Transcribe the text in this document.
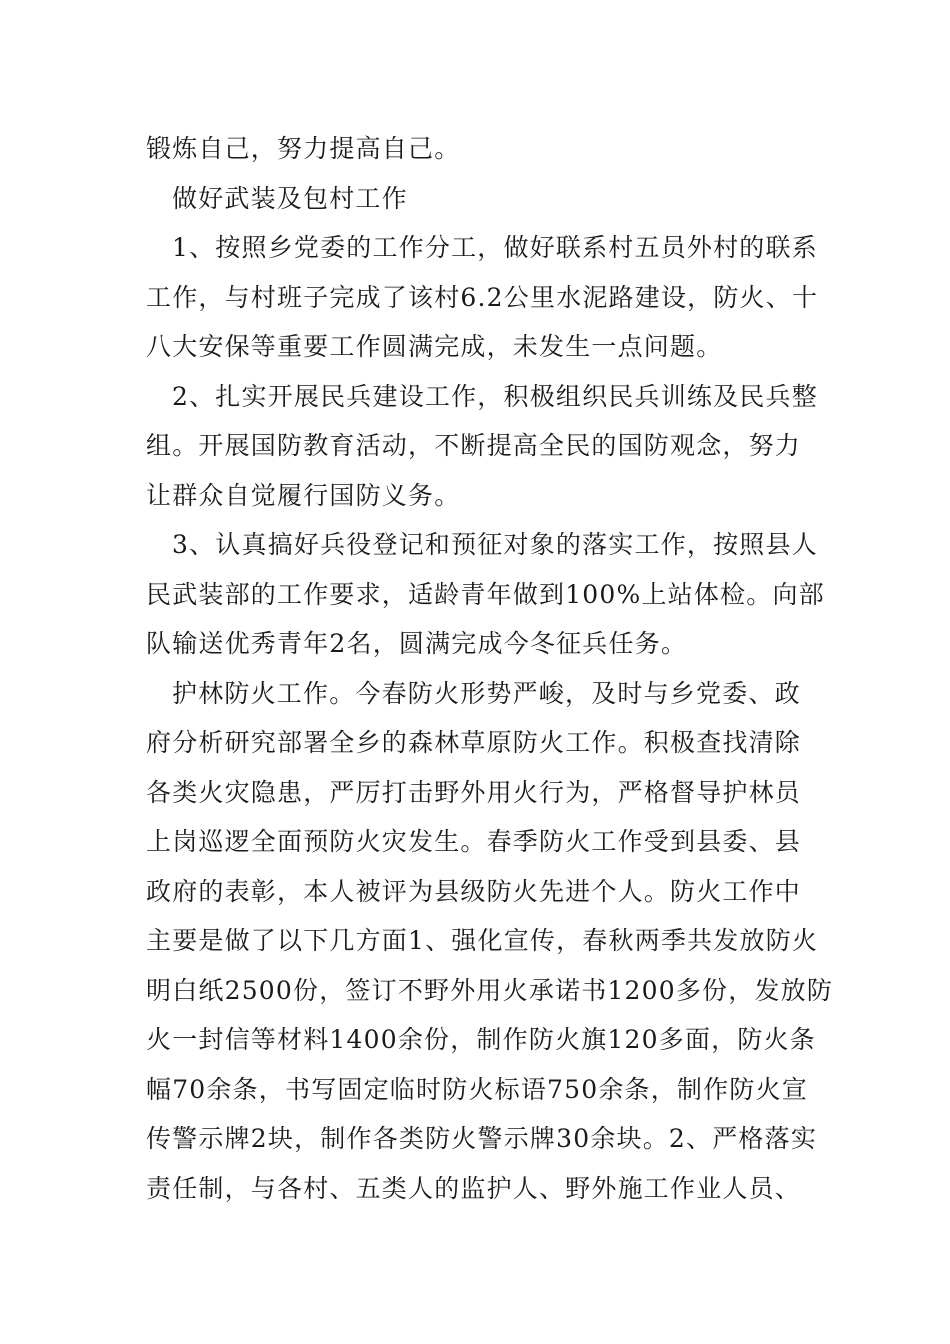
锻炼自己，努力提高自己。
做好武装及包村工作
1、按照乡党委的工作分工，做好联系村五员外村的联系
工作，与村班子完成了该村6.2公里水泥路建设，防火、十
八大安保等重要工作圆满完成，未发生一点问题。
2、扎实开展民兵建设工作，积极组织民兵训练及民兵整
组。开展国防教育活动，不断提高全民的国防观念，努力
让群众自觉履行国防义务。
3、认真搞好兵役登记和预征对象的落实工作，按照县人
民武装部的工作要求，适龄青年做到100%上站体检。向部
队输送优秀青年2名，圆满完成今冬征兵任务。
护林防火工作。今春防火形势严峻，及时与乡党委、政
府分析研究部署全乡的森林草原防火工作。积极查找清除
各类火灾隐患，严厉打击野外用火行为，严格督导护林员
上岗巡逻全面预防火灾发生。春季防火工作受到县委、县
政府的表彰，本人被评为县级防火先进个人。防火工作中
主要是做了以下几方面1、强化宣传，春秋两季共发放防火
明白纸2500份，签订不野外用火承诺书1200多份，发放防
火一封信等材料1400余份，制作防火旗120多面，防火条
幅70余条，书写固定临时防火标语750余条，制作防火宣
传警示牌2块，制作各类防火警示牌30余块。2、严格落实
责任制，与各村、五类人的监护人、野外施工作业人员、
